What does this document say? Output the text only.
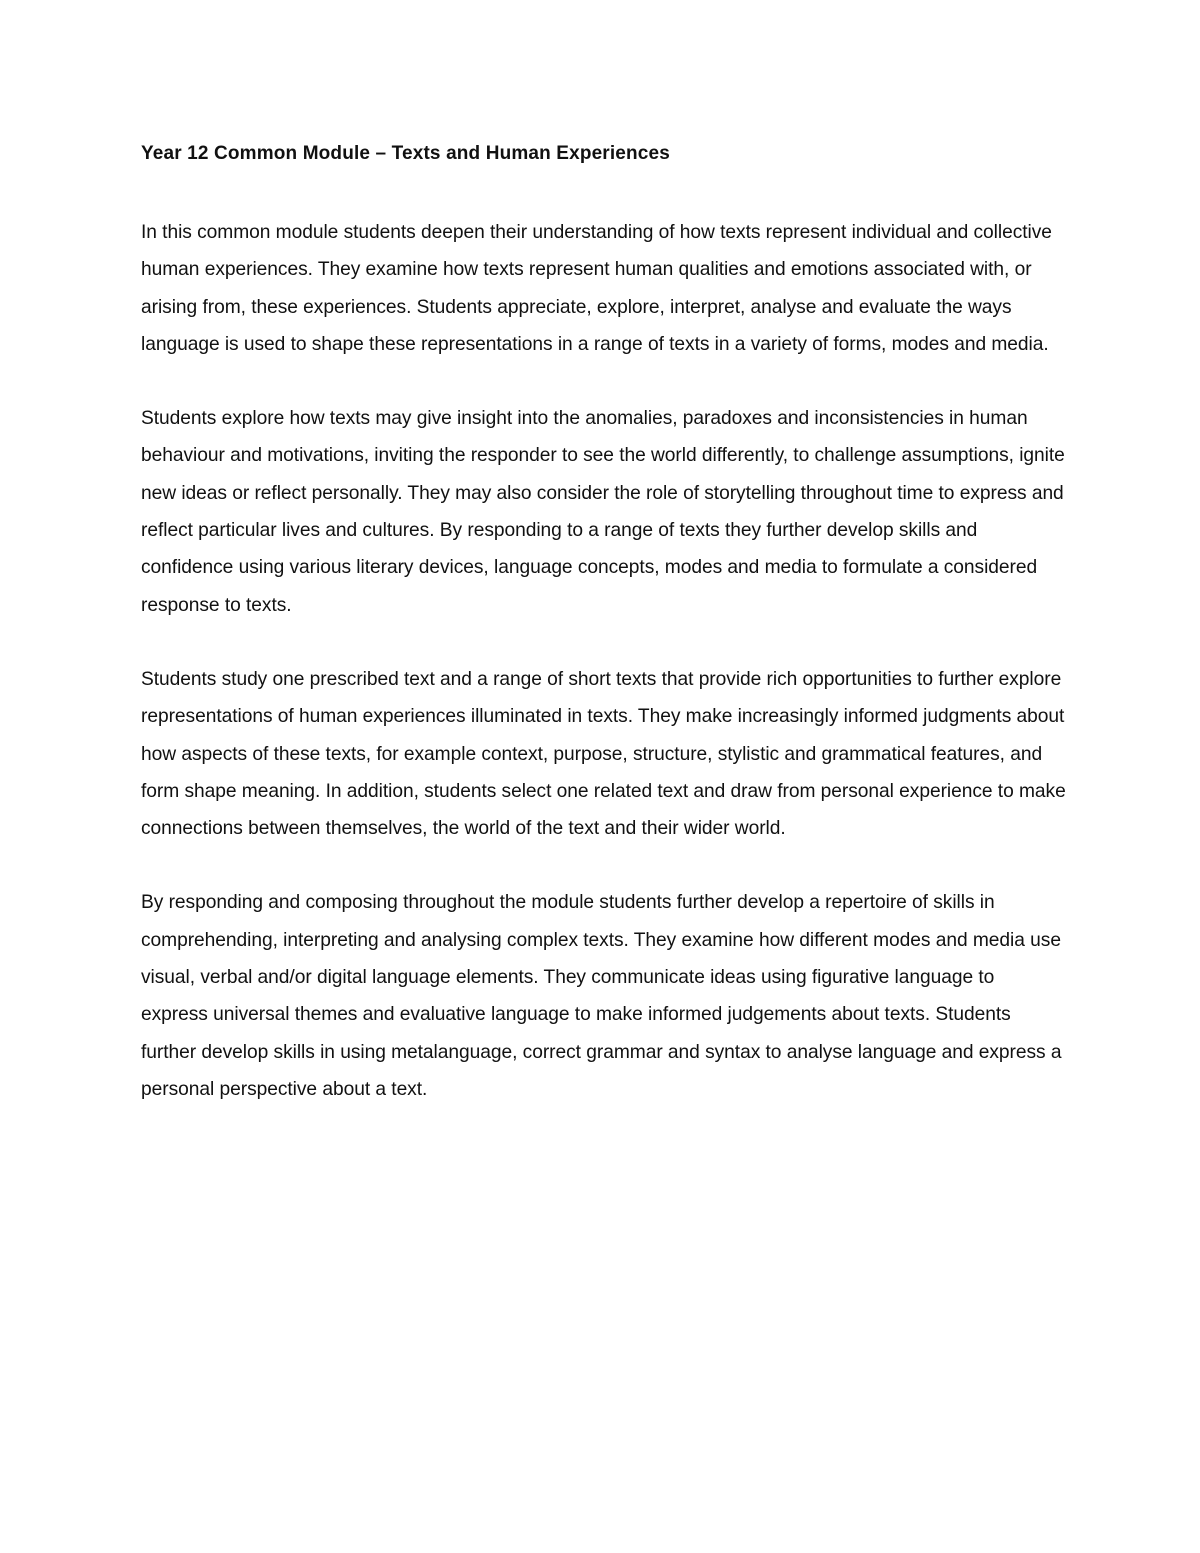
Year 12 Common Module – Texts and Human Experiences

In this common module students deepen their understanding of how texts represent individual and collective human experiences. They examine how texts represent human qualities and emotions associated with, or arising from, these experiences. Students appreciate, explore, interpret, analyse and evaluate the ways language is used to shape these representations in a range of texts in a variety of forms, modes and media.

Students explore how texts may give insight into the anomalies, paradoxes and inconsistencies in human behaviour and motivations, inviting the responder to see the world differently, to challenge assumptions, ignite new ideas or reflect personally. They may also consider the role of storytelling throughout time to express and reflect particular lives and cultures. By responding to a range of texts they further develop skills and confidence using various literary devices, language concepts, modes and media to formulate a considered response to texts.

Students study one prescribed text and a range of short texts that provide rich opportunities to further explore representations of human experiences illuminated in texts. They make increasingly informed judgments about how aspects of these texts, for example context, purpose, structure, stylistic and grammatical features, and form shape meaning. In addition, students select one related text and draw from personal experience to make connections between themselves, the world of the text and their wider world.

By responding and composing throughout the module students further develop a repertoire of skills in comprehending, interpreting and analysing complex texts. They examine how different modes and media use visual, verbal and/or digital language elements. They communicate ideas using figurative language to express universal themes and evaluative language to make informed judgements about texts. Students further develop skills in using metalanguage, correct grammar and syntax to analyse language and express a personal perspective about a text.
